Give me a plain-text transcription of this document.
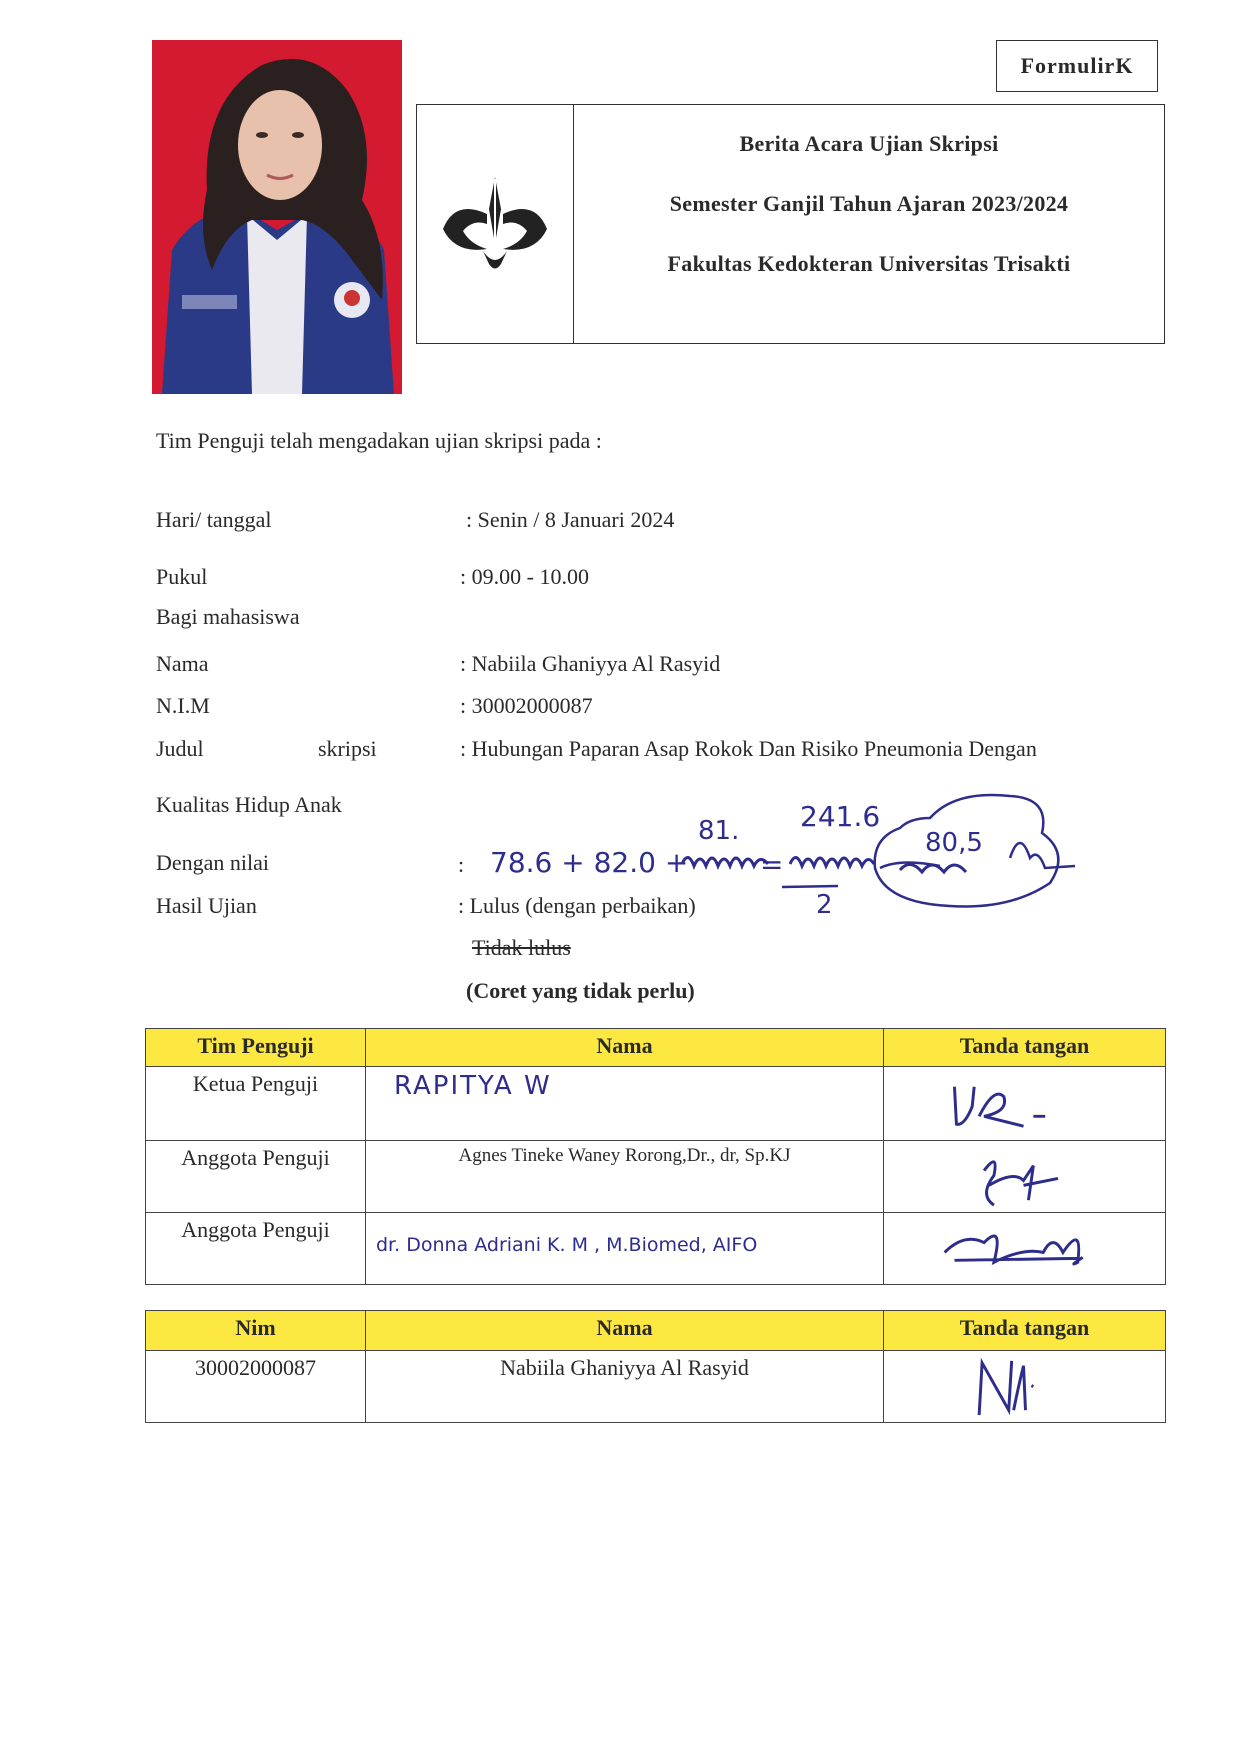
FormulirK
Berita Acara Ujian Skripsi
Semester Ganjil Tahun Ajaran 2023/2024
Fakultas Kedokteran Universitas Trisakti
Tim Penguji telah mengadakan ujian skripsi pada :
Hari/ tanggal	: Senin / 8 Januari 2024
Pukul	: 09.00 - 10.00
Bagi mahasiswa
Nama	: Nabiila Ghaniyya Al Rasyid
N.I.M	: 30002000087
Judul	skripsi	: Hubungan Paparan Asap Rokok Dan Risiko Pneumonia Dengan
Kualitas Hidup Anak
Dengan nilai	:
Hasil Ujian	: Lulus (dengan perbaikan)
Tidak lulus
(Coret yang tidak perlu)
81. 241.6
78.6 + 82.0 +	=
2
80,5
Tim Penguji	Nama	Tanda tangan
Ketua Penguji	RAPITYA W	

Anggota Penguji	Agnes Tineke Waney Rorong,Dr., dr, Sp.KJ	

Anggota Penguji	dr. Donna Adriani K. M , M.Biomed, AIFO	
Nim	Nama	Tanda tangan
30002000087	Nabiila Ghaniyya Al Rasyid	
